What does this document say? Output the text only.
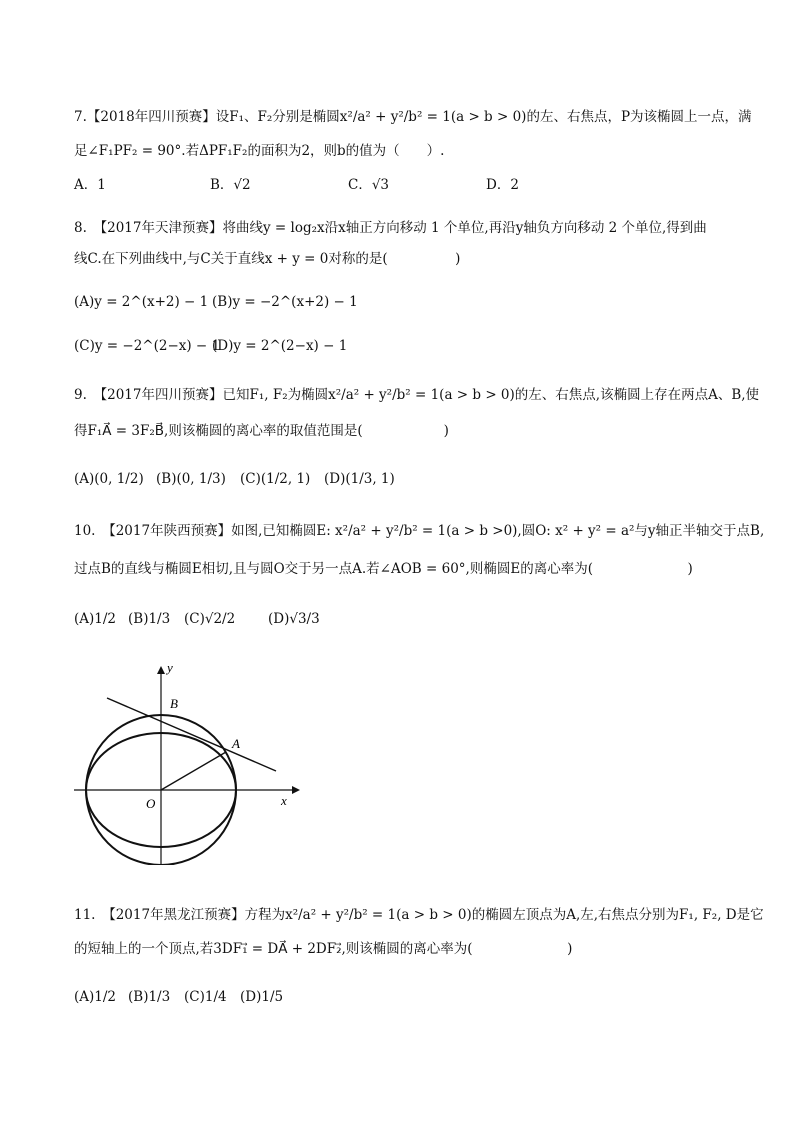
7.【2018年四川预赛】设F₁、F₂分别是椭圆x²/a² + y²/b² = 1(a > b > 0)的左、右焦点，P为该椭圆上一点，满
足∠F₁PF₂ = 90°.若ΔPF₁F₂的面积为2，则b的值为（　　）.
A．1	B．√2	C．√3	D．2
8.　【2017年天津预赛】将曲线y = log₂x沿x轴正方向移动 1 个单位,再沿y轴负方向移动 2 个单位,得到曲
线C.在下列曲线中,与C关于直线x + y = 0对称的是(　　　　　)
(A)y = 2^(x+2) − 1 (B)y = −2^(x+2) − 1
(C)y = −2^(2−x) − 1
(D)y = 2^(2−x) − 1
9.　【2017年四川预赛】已知F₁, F₂为椭圆x²/a² + y²/b² = 1(a > b > 0)的左、右焦点,该椭圆上存在两点A、B,使
得F₁A⃗ = 3F₂B⃗,则该椭圆的离心率的取值范围是(　　　　　　)
(A)(0, 1/2) (B)(0, 1/3) (C)(1/2, 1) (D)(1/3, 1)
10.　【2017年陕西预赛】如图,已知椭圆E: x²/a² + y²/b² = 1(a > b >0),圆O: x² + y² = a²与y轴正半轴交于点B,
过点B的直线与椭圆E相切,且与圆O交于另一点A.若∠AOB = 60°,则椭圆E的离心率为(　　　　　　　)
(A)1/2 (B)1/3 (C)√2/2 (D)√3/3
y
x
O
B
A
11.　【2017年黑龙江预赛】方程为x²/a² + y²/b² = 1(a > b > 0)的椭圆左顶点为A,左,右焦点分别为F₁, F₂, D是它
的短轴上的一个顶点,若3DF₁⃗ = DA⃗ + 2DF₂⃗,则该椭圆的离心率为(　　　　　　　)
(A)1/2 (B)1/3 (C)1/4 (D)1/5
